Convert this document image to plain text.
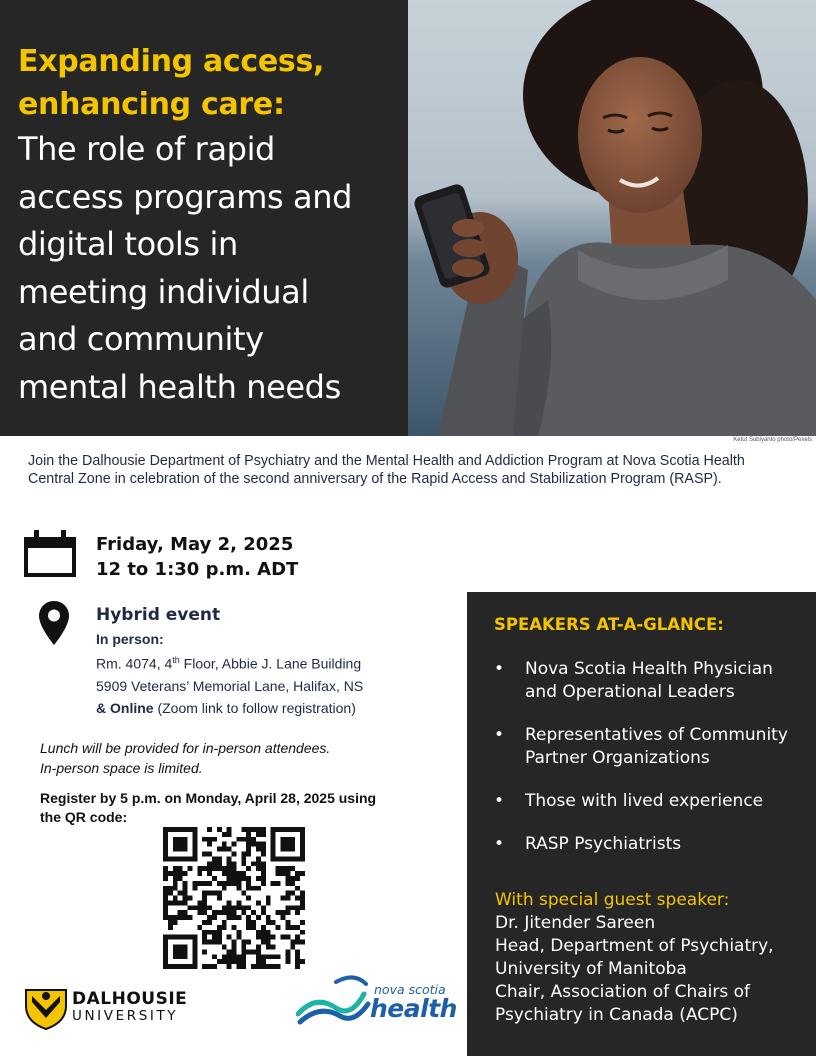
Expanding access,
enhancing care:
The role of rapid
access programs and
digital tools in
meeting individual
and community
mental health needs
Ketut Subiyanto photo/Pexels

Join the Dalhousie Department of Psychiatry and the Mental Health and Addiction Program at Nova Scotia Health Central Zone in celebration of the second anniversary of the Rapid Access and Stabilization Program (RASP).

Friday, May 2, 2025
12 to 1:30 p.m. ADT
Hybrid event
In person:
Rm. 4074, 4th Floor, Abbie J. Lane Building
5909 Veterans’ Memorial Lane, Halifax, NS
& Online (Zoom link to follow registration)
Lunch will be provided for in-person attendees.
In-person space is limited.
Register by 5 p.m. on Monday, April 28, 2025 using
the QR code:
DALHOUSIE
UNIVERSITY
nova scotia
health
SPEAKERS AT-A-GLANCE:
• Nova Scotia Health Physician and Operational Leaders
• Representatives of Community Partner Organizations
• Those with lived experience
• RASP Psychiatrists
With special guest speaker:
Dr. Jitender Sareen
Head, Department of Psychiatry,
University of Manitoba
Chair, Association of Chairs of
Psychiatry in Canada (ACPC)
